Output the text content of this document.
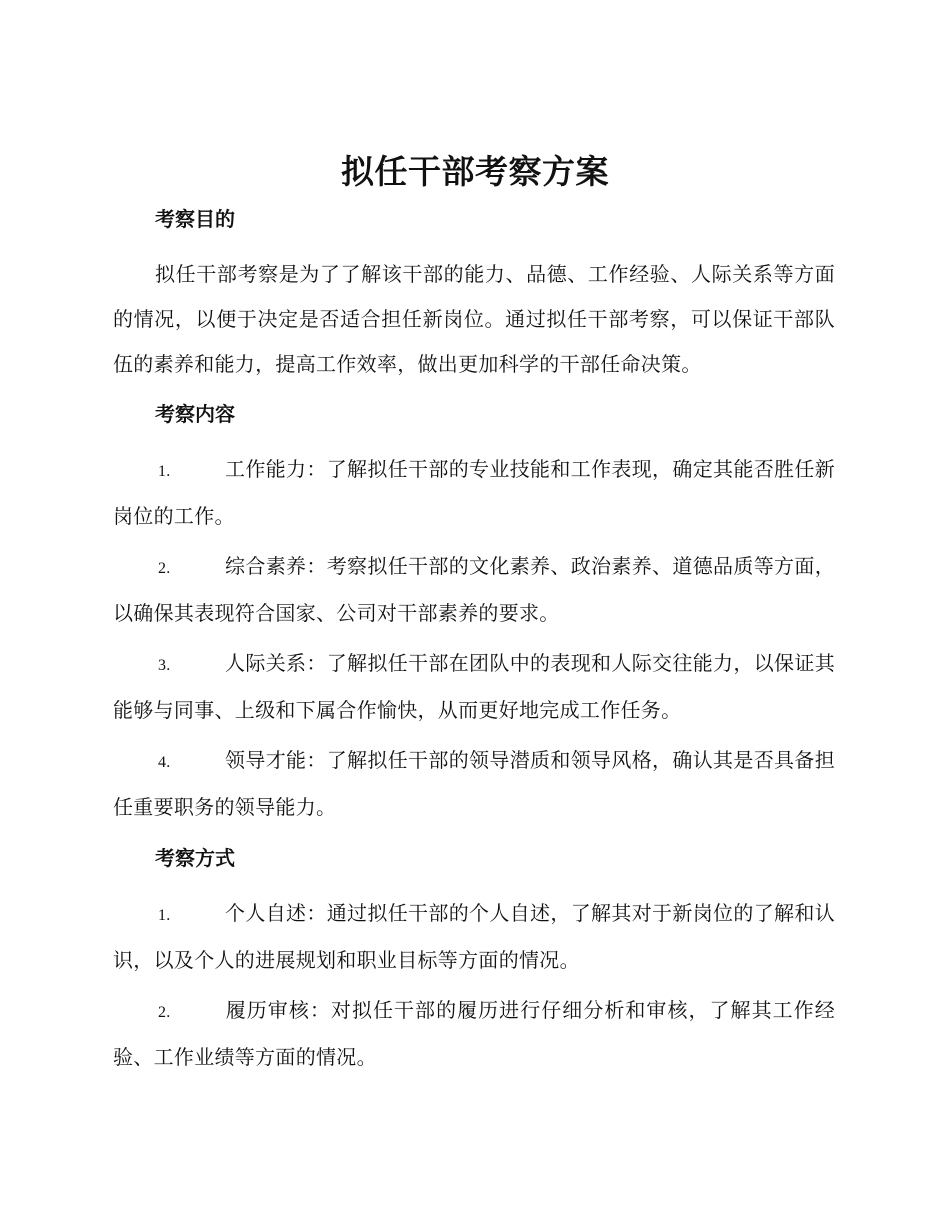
拟任干部考察方案
考察目的

拟任干部考察是为了了解该干部的能力、品德、工作经验、人际关系等方面的情况，以便于决定是否适合担任新岗位。通过拟任干部考察，可以保证干部队伍的素养和能力，提高工作效率，做出更加科学的干部任命决策。

考察内容

1.	工作能力：了解拟任干部的专业技能和工作表现，确定其能否胜任新岗位的工作。

2.	综合素养：考察拟任干部的文化素养、政治素养、道德品质等方面，以确保其表现符合国家、公司对干部素养的要求。

3.	人际关系：了解拟任干部在团队中的表现和人际交往能力，以保证其能够与同事、上级和下属合作愉快，从而更好地完成工作任务。

4.	领导才能：了解拟任干部的领导潜质和领导风格，确认其是否具备担任重要职务的领导能力。

考察方式

1.	个人自述：通过拟任干部的个人自述，了解其对于新岗位的了解和认识，以及个人的进展规划和职业目标等方面的情况。

2.	履历审核：对拟任干部的履历进行仔细分析和审核，了解其工作经验、工作业绩等方面的情况。
